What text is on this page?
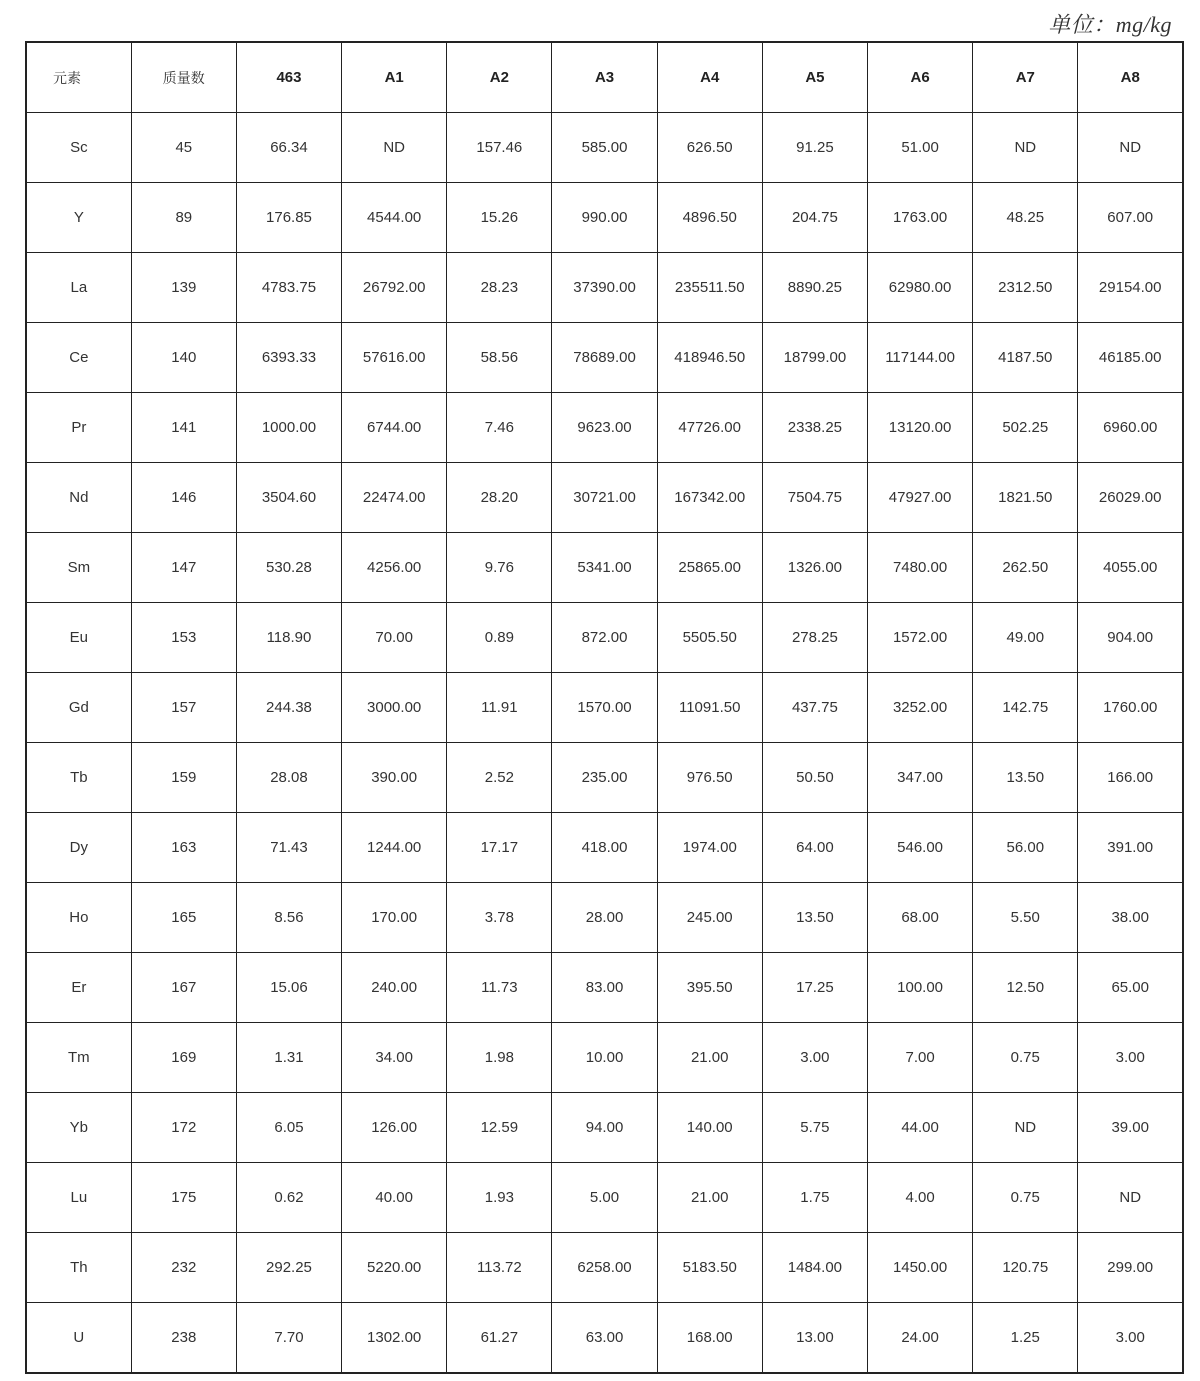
单位：mg/kg
元素	质量数	463	A1	A2	A3	A4	A5	A6	A7	A8
Sc	45	66.34	ND	157.46	585.00	626.50	91.25	51.00	ND	ND
Y	89	176.85	4544.00	15.26	990.00	4896.50	204.75	1763.00	48.25	607.00
La	139	4783.75	26792.00	28.23	37390.00	235511.50	8890.25	62980.00	2312.50	29154.00
Ce	140	6393.33	57616.00	58.56	78689.00	418946.50	18799.00	117144.00	4187.50	46185.00
Pr	141	1000.00	6744.00	7.46	9623.00	47726.00	2338.25	13120.00	502.25	6960.00
Nd	146	3504.60	22474.00	28.20	30721.00	167342.00	7504.75	47927.00	1821.50	26029.00
Sm	147	530.28	4256.00	9.76	5341.00	25865.00	1326.00	7480.00	262.50	4055.00
Eu	153	118.90	70.00	0.89	872.00	5505.50	278.25	1572.00	49.00	904.00
Gd	157	244.38	3000.00	11.91	1570.00	11091.50	437.75	3252.00	142.75	1760.00
Tb	159	28.08	390.00	2.52	235.00	976.50	50.50	347.00	13.50	166.00
Dy	163	71.43	1244.00	17.17	418.00	1974.00	64.00	546.00	56.00	391.00
Ho	165	8.56	170.00	3.78	28.00	245.00	13.50	68.00	5.50	38.00
Er	167	15.06	240.00	11.73	83.00	395.50	17.25	100.00	12.50	65.00
Tm	169	1.31	34.00	1.98	10.00	21.00	3.00	7.00	0.75	3.00
Yb	172	6.05	126.00	12.59	94.00	140.00	5.75	44.00	ND	39.00
Lu	175	0.62	40.00	1.93	5.00	21.00	1.75	4.00	0.75	ND
Th	232	292.25	5220.00	113.72	6258.00	5183.50	1484.00	1450.00	120.75	299.00
U	238	7.70	1302.00	61.27	63.00	168.00	13.00	24.00	1.25	3.00
